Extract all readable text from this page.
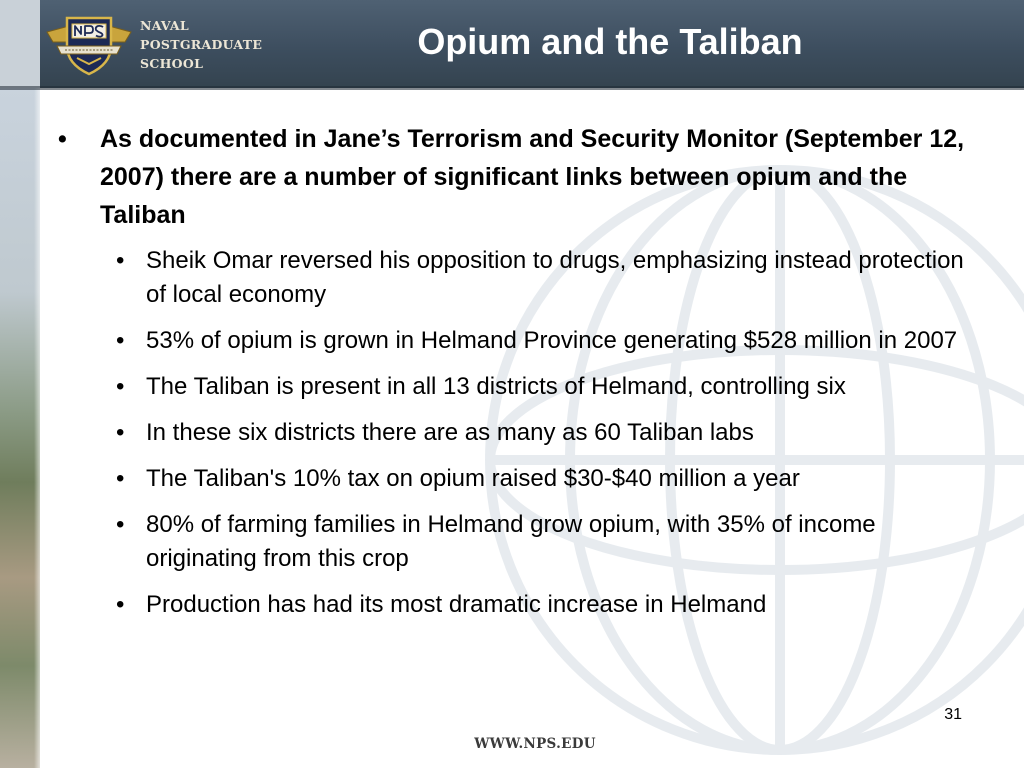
NAVAL
POSTGRADUATE
SCHOOL
Opium and the Taliban
• As documented in Jane’s Terrorism and Security Monitor (September 12, 2007) there are a number of significant links between opium and the Taliban
• Sheik Omar reversed his opposition to drugs, emphasizing instead protection of local economy
• 53% of opium is grown in Helmand Province generating $528 million in 2007
• The Taliban is present in all 13 districts of Helmand, controlling six
• In these six districts there are as many as 60 Taliban labs
• The Taliban's 10% tax on opium raised $30-$40 million a year
• 80% of farming families in Helmand grow opium, with 35% of income originating from this crop
• Production has had its most dramatic increase in Helmand
31
WWW.NPS.EDU
